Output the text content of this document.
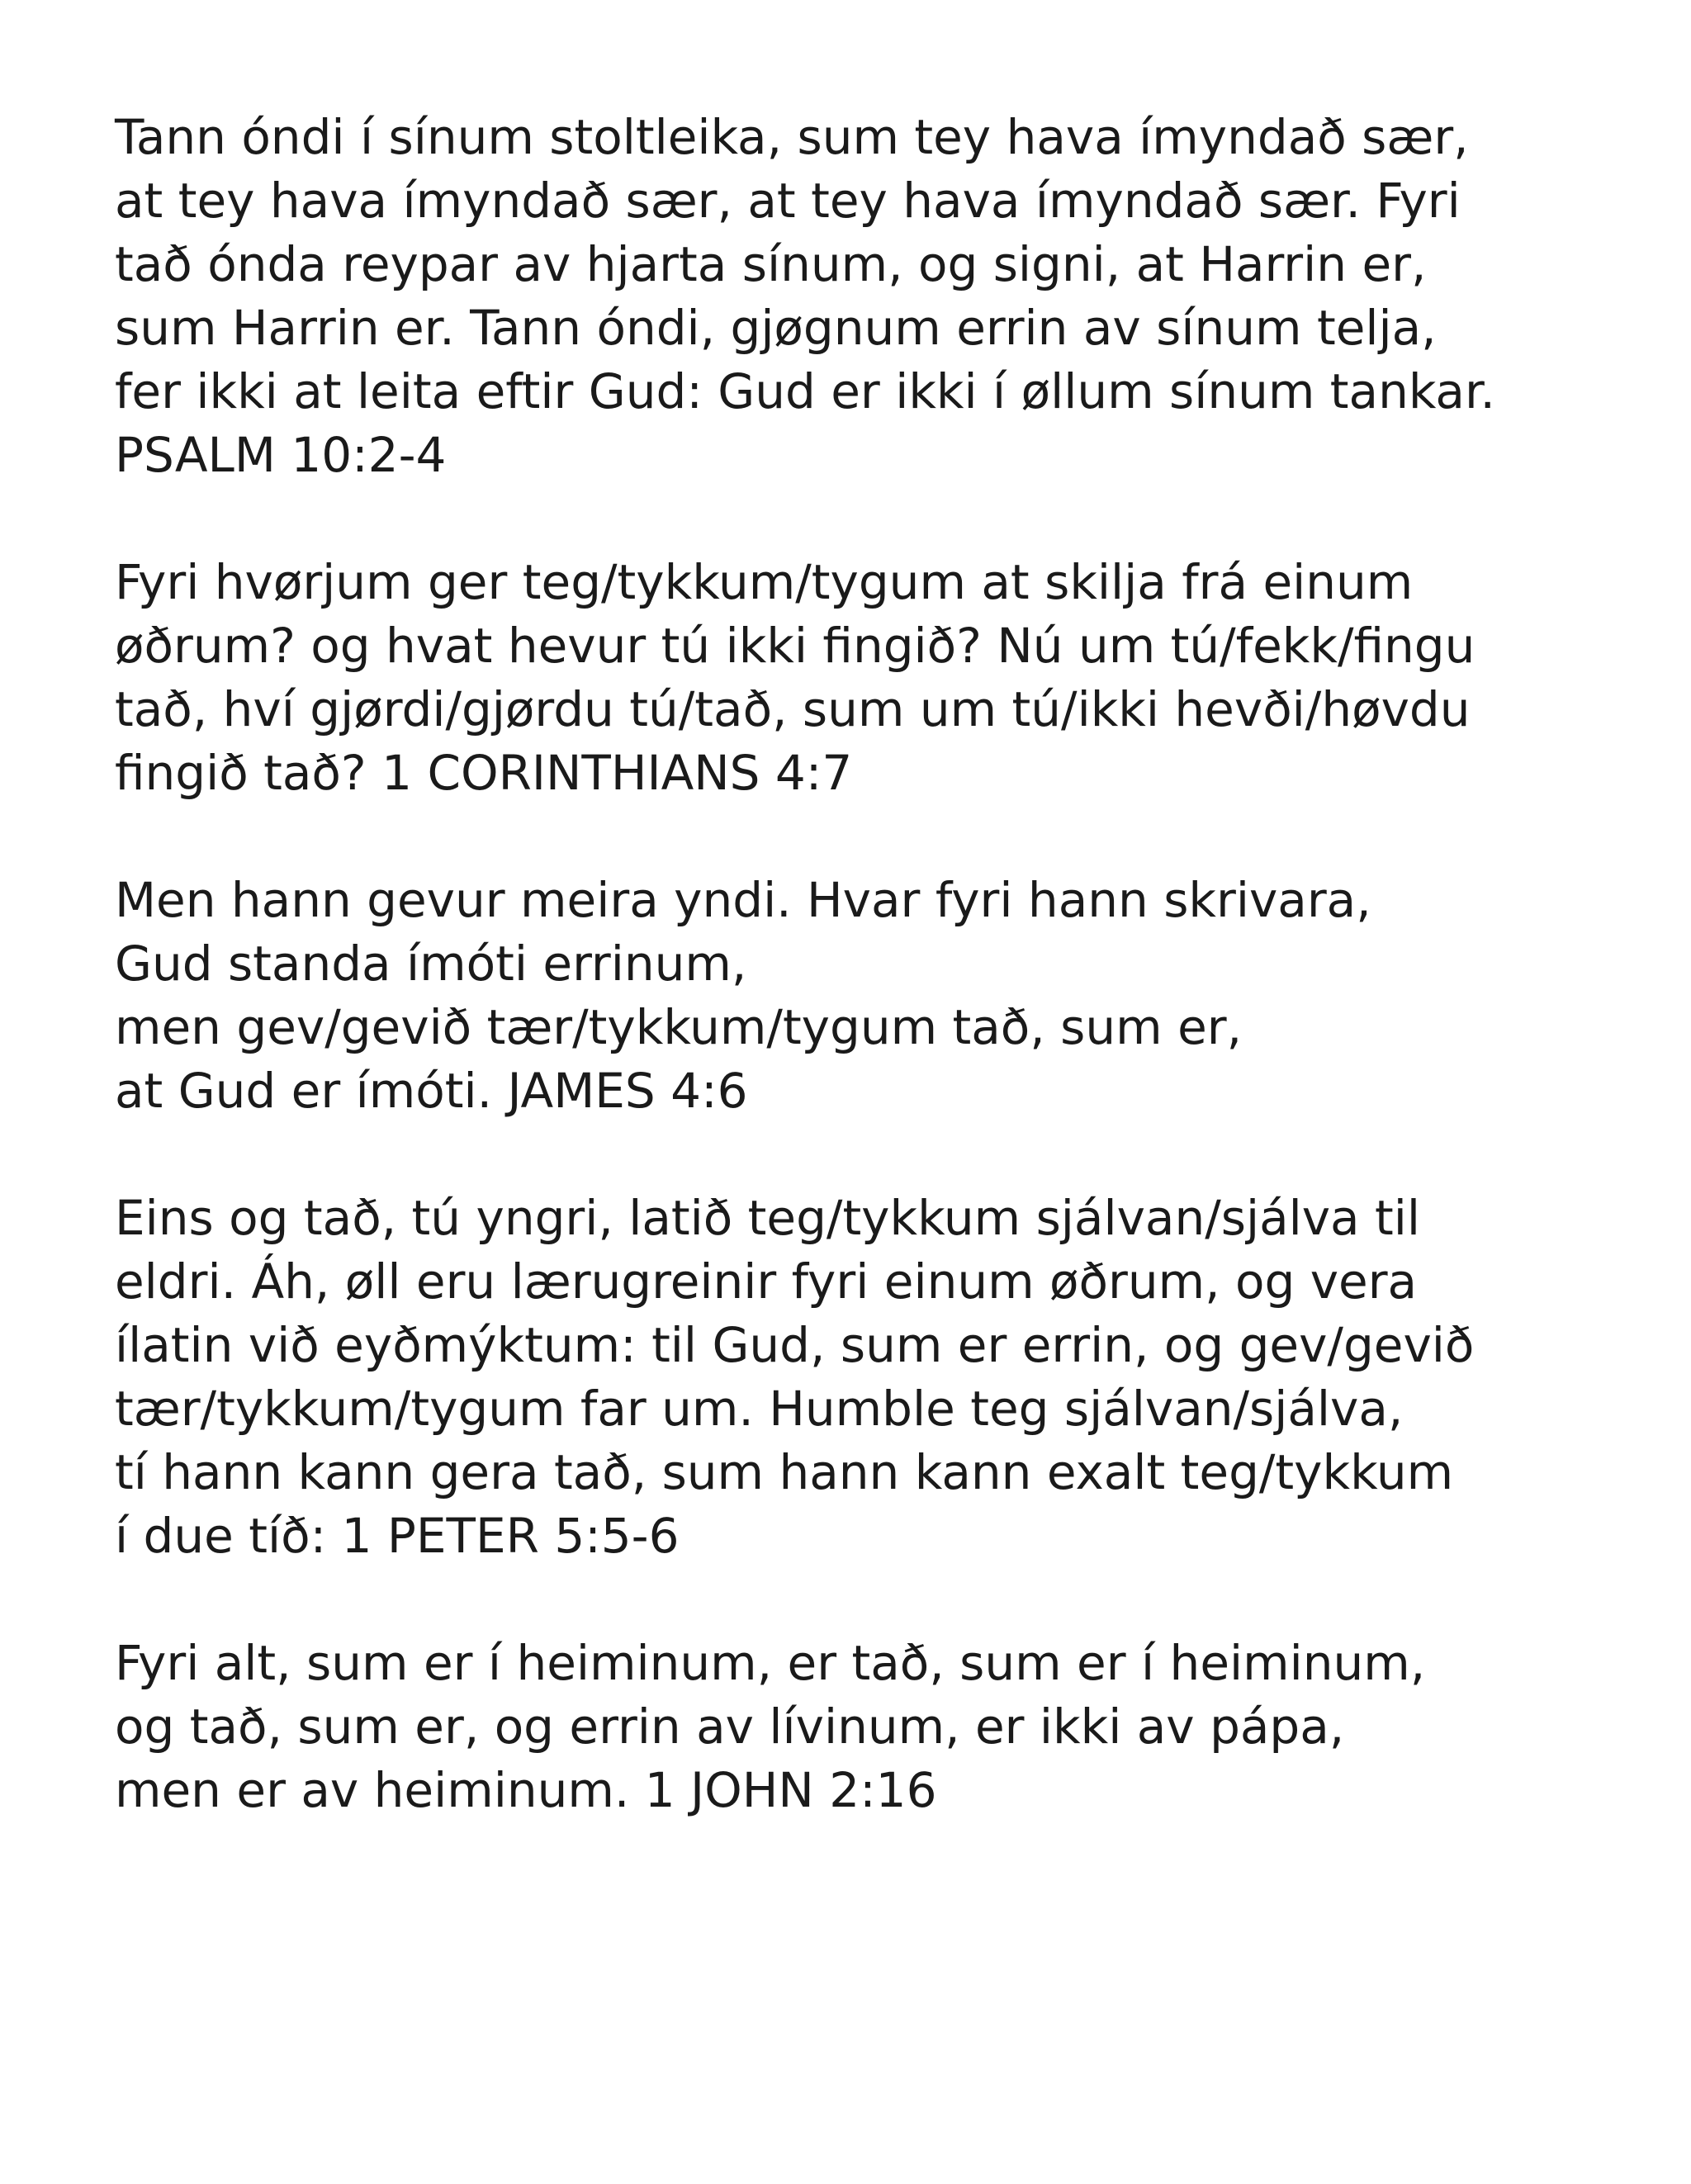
Tann óndi í sínum stoltleika, sum tey hava ímyndað sær,
at tey hava ímyndað sær, at tey hava ímyndað sær. Fyri
tað ónda reypar av hjarta sínum, og signi, at Harrin er,
sum Harrin er. Tann óndi, gjøgnum errin av sínum telja,
fer ikki at leita eftir Gud: Gud er ikki í øllum sínum tankar.
PSALM 10:2-4

Fyri hvørjum ger teg/tykkum/tygum at skilja frá einum
øðrum? og hvat hevur tú ikki fingið? Nú um tú/fekk/fingu
tað, hví gjørdi/gjørdu tú/tað, sum um tú/ikki hevði/høvdu
fingið tað? 1 CORINTHIANS 4:7

Men hann gevur meira yndi. Hvar fyri hann skrivara,
Gud standa ímóti errinum,
men gev/gevið tær/tykkum/tygum tað, sum er,
at Gud er ímóti. JAMES 4:6

Eins og tað, tú yngri, latið teg/tykkum sjálvan/sjálva til
eldri. Áh, øll eru lærugreinir fyri einum øðrum, og vera
ílatin við eyðmýktum: til Gud, sum er errin, og gev/gevið
tær/tykkum/tygum far um. Humble teg sjálvan/sjálva,
tí hann kann gera tað, sum hann kann exalt teg/tykkum
í due tíð: 1 PETER 5:5-6

Fyri alt, sum er í heiminum, er tað, sum er í heiminum,
og tað, sum er, og errin av lívinum, er ikki av pápa,
men er av heiminum. 1 JOHN 2:16
